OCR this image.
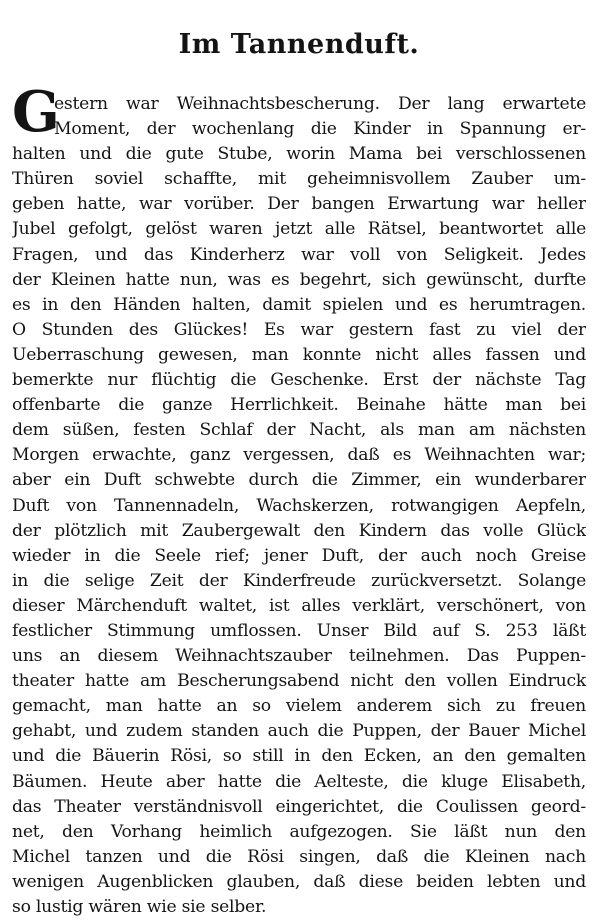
Im Tannenduft.
G
estern war Weihnachtsbescherung. Der lang erwartete
Moment, der wochenlang die Kinder in Spannung er-
halten und die gute Stube, worin Mama bei verschlossenen
Thüren soviel schaffte, mit geheimnisvollem Zauber um-
geben hatte, war vorüber. Der bangen Erwartung war heller
Jubel gefolgt, gelöst waren jetzt alle Rätsel, beantwortet alle
Fragen, und das Kinderherz war voll von Seligkeit. Jedes
der Kleinen hatte nun, was es begehrt, sich gewünscht, durfte
es in den Händen halten, damit spielen und es herumtragen.
O Stunden des Glückes! Es war gestern fast zu viel der
Ueberraschung gewesen, man konnte nicht alles fassen und
bemerkte nur flüchtig die Geschenke. Erst der nächste Tag
offenbarte die ganze Herrlichkeit. Beinahe hätte man bei
dem süßen, festen Schlaf der Nacht, als man am nächsten
Morgen erwachte, ganz vergessen, daß es Weihnachten war;
aber ein Duft schwebte durch die Zimmer, ein wunderbarer
Duft von Tannennadeln, Wachskerzen, rotwangigen Aepfeln,
der plötzlich mit Zaubergewalt den Kindern das volle Glück
wieder in die Seele rief; jener Duft, der auch noch Greise
in die selige Zeit der Kinderfreude zurückversetzt. Solange
dieser Märchenduft waltet, ist alles verklärt, verschönert, von
festlicher Stimmung umflossen. Unser Bild auf S. 253 läßt
uns an diesem Weihnachtszauber teilnehmen. Das Puppen-
theater hatte am Bescherungsabend nicht den vollen Eindruck
gemacht, man hatte an so vielem anderem sich zu freuen
gehabt, und zudem standen auch die Puppen, der Bauer Michel
und die Bäuerin Rösi, so still in den Ecken, an den gemalten
Bäumen. Heute aber hatte die Aelteste, die kluge Elisabeth,
das Theater verständnisvoll eingerichtet, die Coulissen geord-
net, den Vorhang heimlich aufgezogen. Sie läßt nun den
Michel tanzen und die Rösi singen, daß die Kleinen nach
wenigen Augenblicken glauben, daß diese beiden lebten und
so lustig wären wie sie selber.
